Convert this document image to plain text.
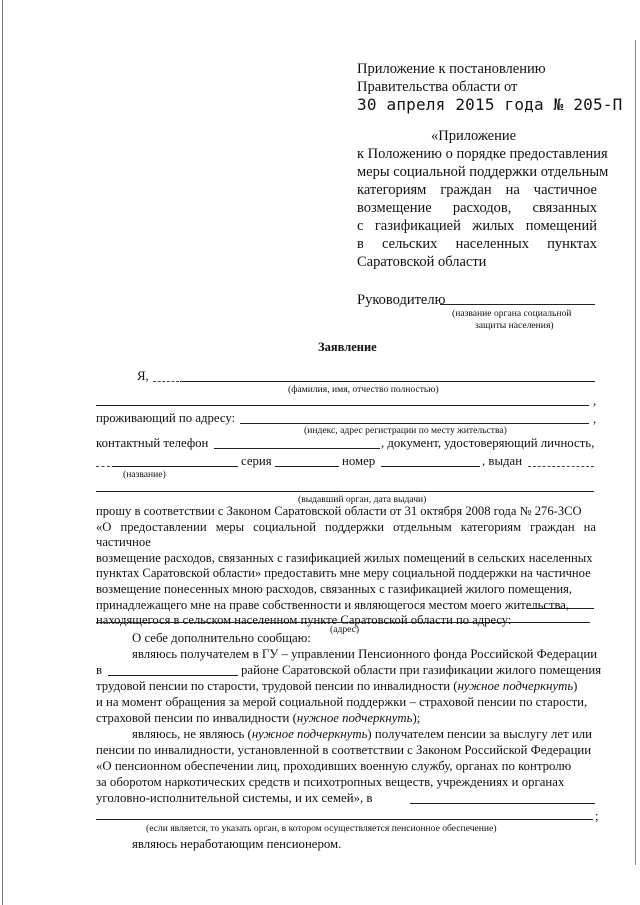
Приложение к постановлению
Правительства области от
30 апреля 2015 года № 205-П
«Приложение
к Положению о порядке предоставления
меры социальной поддержки отдельным
категориям граждан на частичное
возмещение расходов, связанных
с газификацией жилых помещений
в сельских населенных пунктах
Саратовской области
Руководителю
(название органа социальной
защиты населения)
Заявление
Я,
(фамилия, имя, отчество полностью)
,
проживающий по адресу:
(индекс, адрес регистрации по месту жительства)
,
контактный телефон	, документ, удостоверяющий личность,
серия	номер	, выдан
(название)
(выдавший орган, дата выдачи)
прошу в соответствии с Законом Саратовской области от 31 октября 2008 года № 276-ЗСО
«О предоставлении меры социальной поддержки отдельным категориям граждан на частичное
возмещение расходов, связанных с газификацией жилых помещений в сельских населенных
пунктах Саратовской области» предоставить мне меру социальной поддержки на частичное
возмещение понесенных мною расходов, связанных с газификацией жилого помещения,
принадлежащего мне на праве собственности и являющегося местом моего жительства,
находящегося в сельском населенном пункте Саратовской области по адресу:
(адрес)
О себе дополнительно сообщаю:
являюсь получателем в ГУ – управлении Пенсионного фонда Российской Федерации
в	районе Саратовской области при газификации жилого помещения
трудовой пенсии по старости, трудовой пенсии по инвалидности (нужное подчеркнуть)
и на момент обращения за мерой социальной поддержки – страховой пенсии по старости,
страховой пенсии по инвалидности (нужное подчеркнуть);
являюсь, не являюсь (нужное подчеркнуть) получателем пенсии за выслугу лет или
пенсии по инвалидности, установленной в соответствии с Законом Российской Федерации
«О пенсионном обеспечении лиц, проходивших военную службу, органах по контролю
за оборотом наркотических средств и психотропных веществ, учреждениях и органах
уголовно-исполнительной системы, и их семей», в
;
(если является, то указать орган, в котором осуществляется пенсионное обеспечение)
являюсь неработающим пенсионером.
